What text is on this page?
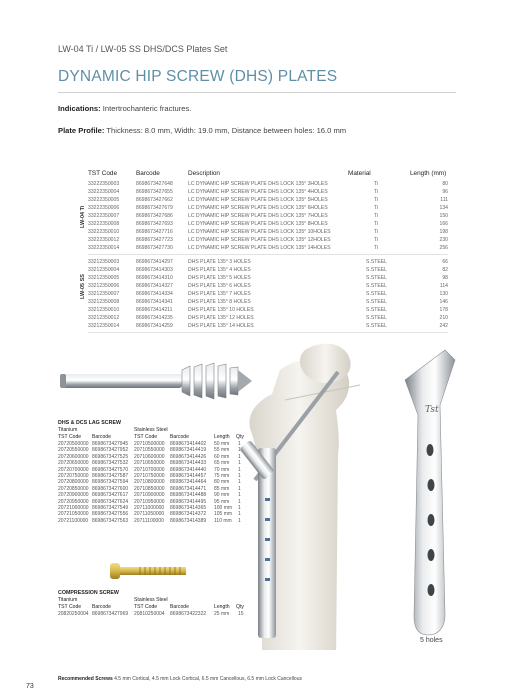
LW-04 Ti / LW-05 SS DHS/DCS Plates Set
DYNAMIC HIP SCREW (DHS) PLATES
Indications: Intertrochanteric fractures.
Plate Profile: Thickness: 8.0 mm, Width: 19.0 mm, Distance between holes: 16.0 mm
TST Code	Barcode	Description	Material	Length (mm)
33222350003	8698673427648	LC DYNAMIC HIP SCREW PLATE DHS LOCK 135° 3HOLES	Ti	80
33222350004	8698673427655	LC DYNAMIC HIP SCREW PLATE DHS LOCK 135° 4HOLES	Ti	96
33222350005	8698673427662	LC DYNAMIC HIP SCREW PLATE DHS LOCK 135° 5HOLES	Ti	111
33222350006	8698673427679	LC DYNAMIC HIP SCREW PLATE DHS LOCK 135° 6HOLES	Ti	134
33222350007	8698673427686	LC DYNAMIC HIP SCREW PLATE DHS LOCK 135° 7HOLES	Ti	150
33222350008	8698673427693	LC DYNAMIC HIP SCREW PLATE DHS LOCK 135° 8HOLES	Ti	166
33222350010	8698673427716	LC DYNAMIC HIP SCREW PLATE DHS LOCK 135° 10HOLES	Ti	198
33222350012	8698673427723	LC DYNAMIC HIP SCREW PLATE DHS LOCK 135° 12HOLES	Ti	230
33222350014	8698673427730	LC DYNAMIC HIP SCREW PLATE DHS LOCK 135° 14HOLES	Ti	256
33212350003	8698673414297	DHS PLATE 135° 3 HOLES	S.STEEL	66
33212350004	8698673414303	DHS PLATE 135° 4 HOLES	S.STEEL	82
33212350005	8698673414310	DHS PLATE 135° 5 HOLES	S.STEEL	98
33212350006	8698673414327	DHS PLATE 135° 6 HOLES	S.STEEL	114
33212350007	8698673414334	DHS PLATE 135° 7 HOLES	S.STEEL	130
33212350008	8698673414341	DHS PLATE 135° 8 HOLES	S.STEEL	146
33212350010	8698673414211	DHS PLATE 135° 10 HOLES	S.STEEL	178
33212350012	8698673414235	DHS PLATE 135° 12 HOLES	S.STEEL	210
33212350014	8698673414259	DHS PLATE 135° 14 HOLES	S.STEEL	242
LW-04 Ti
LW-05 SS
Tst
DHS & DCS LAG SCREW
Titanium	Stainless Steel
TST Code Barcode	TST Code	Barcode	Length Qty
20720500000 8698673427945 20710500000 8698673414402 50 mm 1
20720550000 8698673427952 20710550000 8698673414419 55 mm 1
20720600000 8698673427525 20710600000 8698673414426 60 mm 1
20720650000 8698673427532 20710650000 8698673414433 65 mm 1
20720700000 8698673427570 20710700000 8698673414440 70 mm 1
20720750000 8698673427587 20710750000 8698673414457 75 mm 1
20720800000 8698673427594 20710800000 8698673414464 80 mm 1
20720850000 8698673427600 20710850000 8698673414471 85 mm 1
20720900000 8698673427617 20710900000 8698673414488 90 mm 1
20720950000 8698673427624 20710950000 8698673414495 95 mm 1
20721000000 8698673427549 20711000000 8698673414365 100 mm 1
20721050000 8698673427556 20711050000 8698673414372 105 mm 1
20721100000 8698673427563 20711100000 8698673414389 110 mm 1
COMPRESSION SCREW
Titanium	Stainless Steel
TST Code Barcode	TST Code	Barcode	Length Qty
20820250004 8698673427969 20810250004 8698673422322 25 mm 15
5 holes
Recommended Screws 4.5 mm Cortical, 4.5 mm Lock Cortical, 6.5 mm Cancellous, 6.5 mm Lock Cancellous
73
